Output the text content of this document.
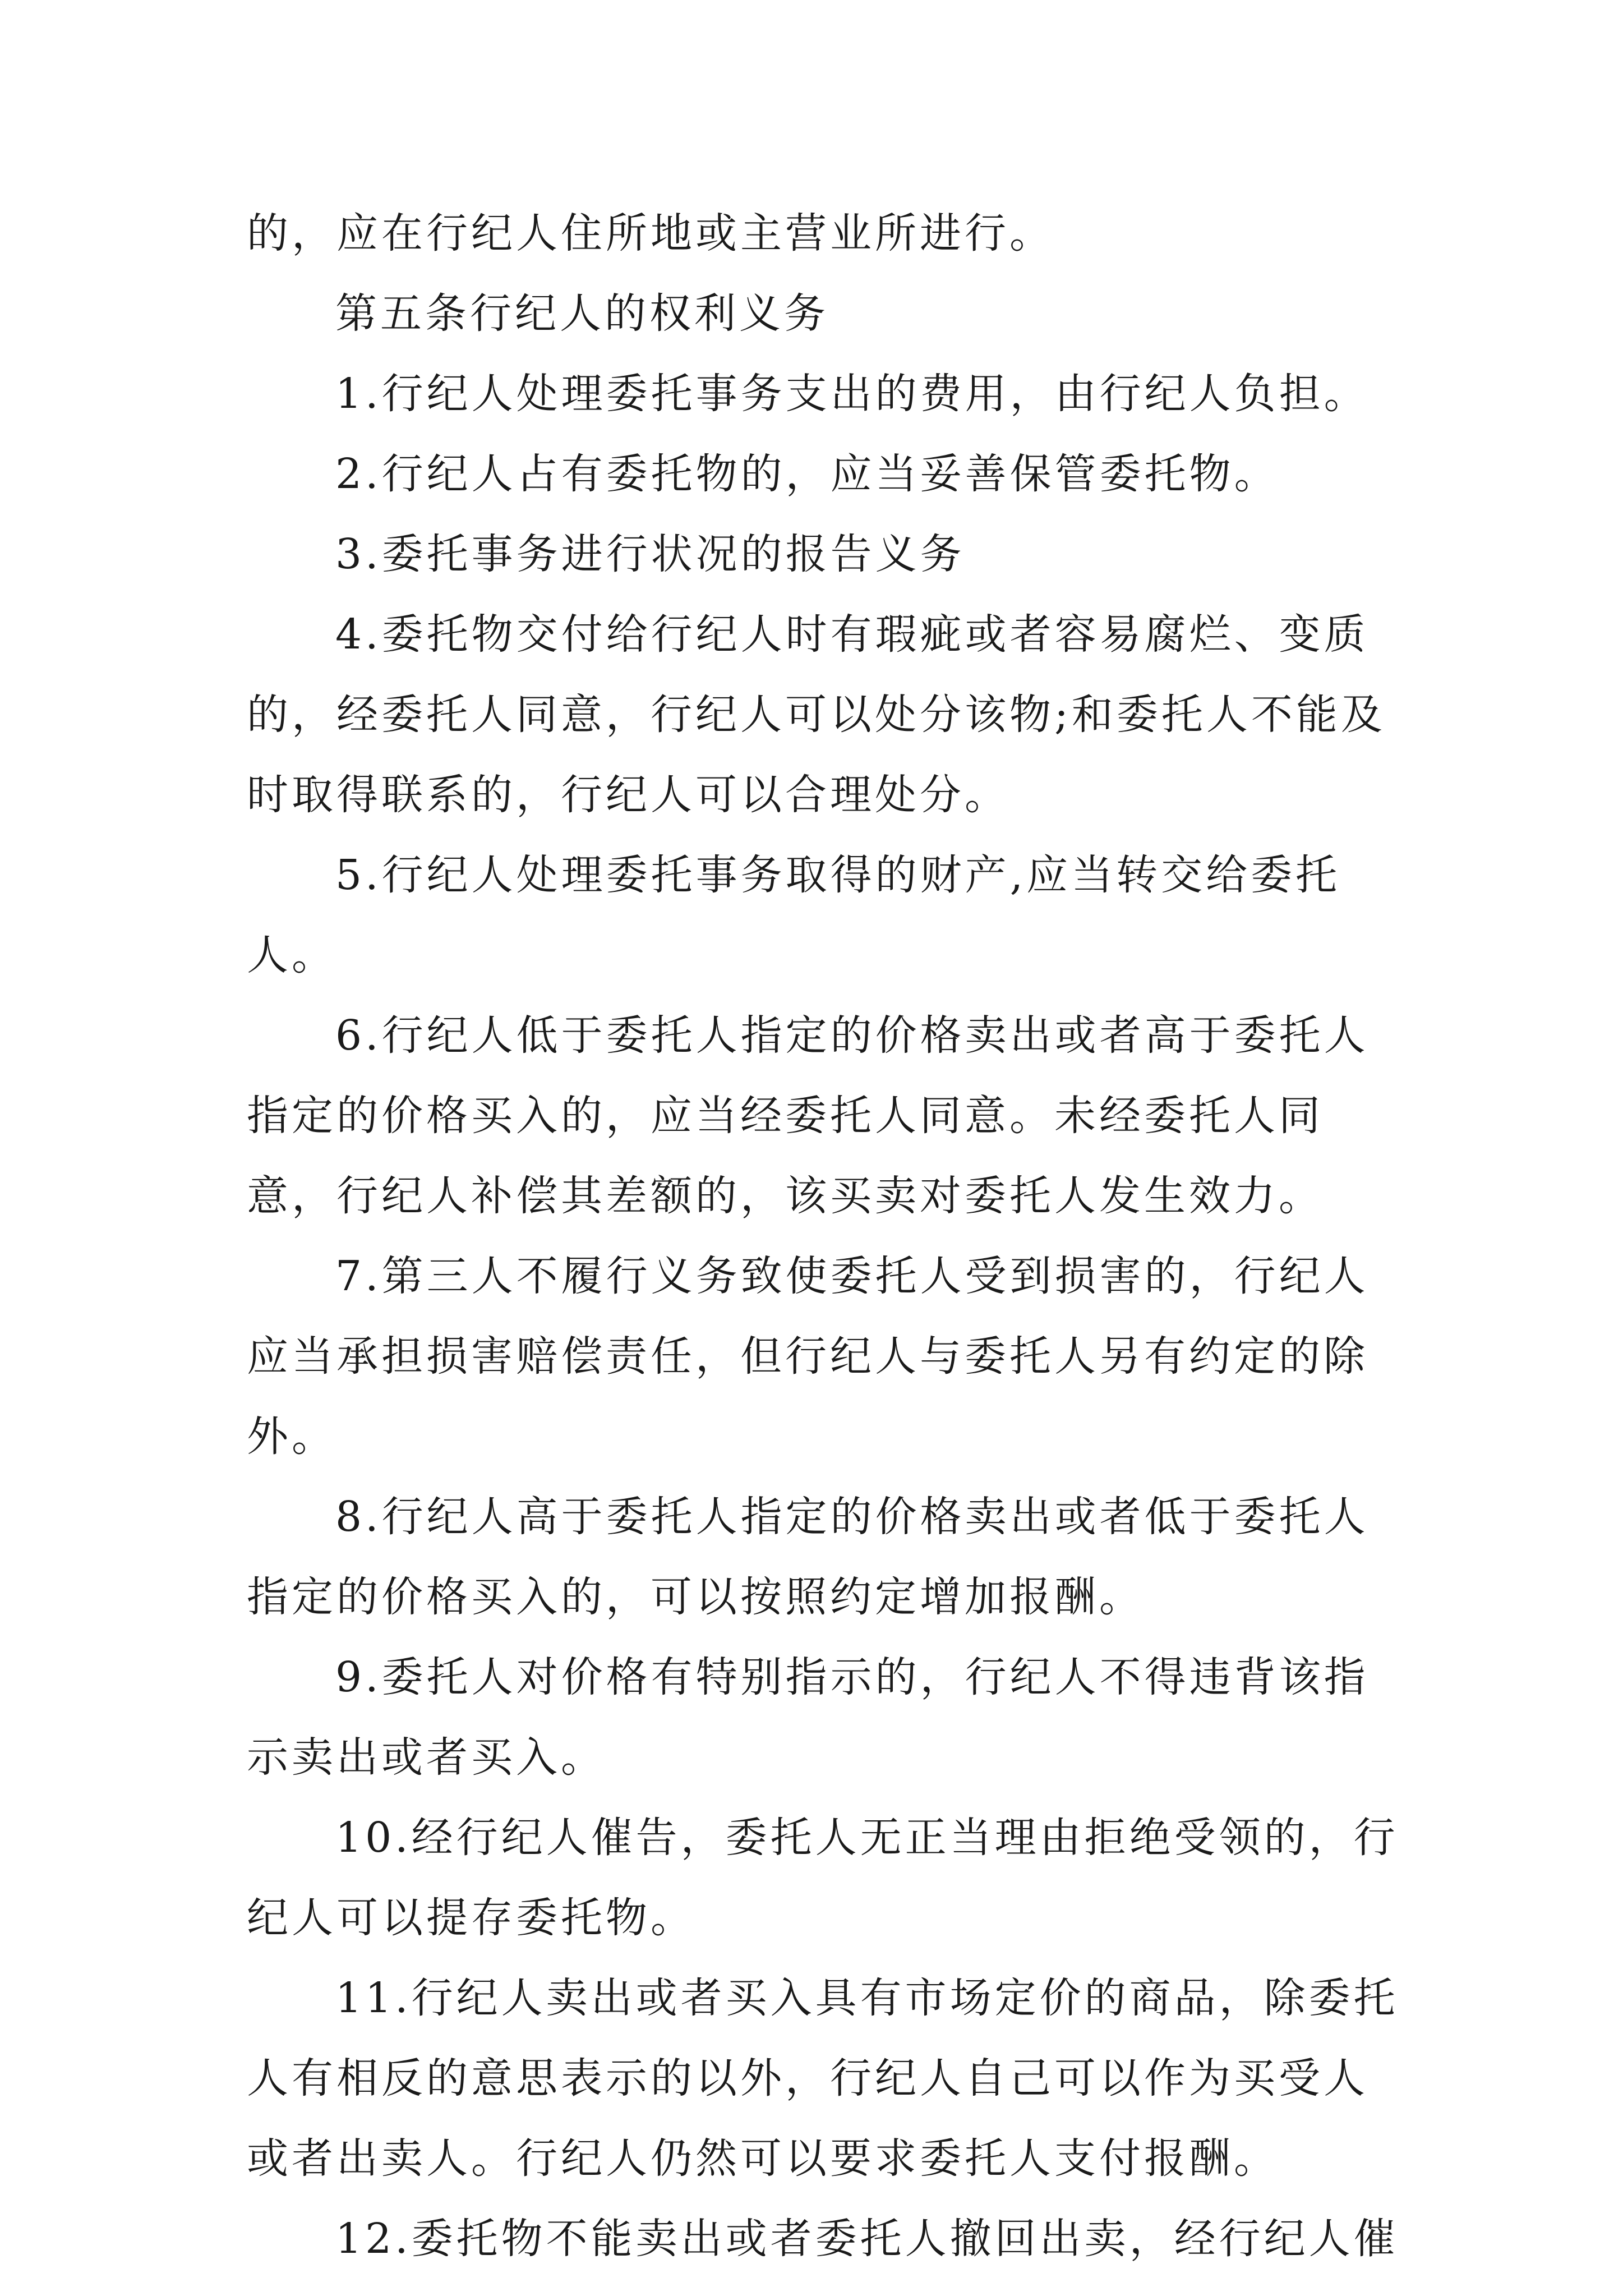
的，应在行纪人住所地或主营业所进行。

第五条行纪人的权利义务

1.行纪人处理委托事务支出的费用，由行纪人负担。

2.行纪人占有委托物的，应当妥善保管委托物。

3.委托事务进行状况的报告义务

4.委托物交付给行纪人时有瑕疵或者容易腐烂、变质的，经委托人同意，行纪人可以处分该物;和委托人不能及时取得联系的，行纪人可以合理处分。

5.行纪人处理委托事务取得的财产,应当转交给委托人。

6.行纪人低于委托人指定的价格卖出或者高于委托人指定的价格买入的，应当经委托人同意。未经委托人同意，行纪人补偿其差额的，该买卖对委托人发生效力。

7.第三人不履行义务致使委托人受到损害的，行纪人应当承担损害赔偿责任，但行纪人与委托人另有约定的除外。

8.行纪人高于委托人指定的价格卖出或者低于委托人指定的价格买入的，可以按照约定增加报酬。

9.委托人对价格有特别指示的，行纪人不得违背该指示卖出或者买入。

10.经行纪人催告，委托人无正当理由拒绝受领的，行纪人可以提存委托物。

11.行纪人卖出或者买入具有市场定价的商品，除委托人有相反的意思表示的以外，行纪人自己可以作为买受人或者出卖人。行纪人仍然可以要求委托人支付报酬。

12.委托物不能卖出或者委托人撤回出卖，经行纪人催
